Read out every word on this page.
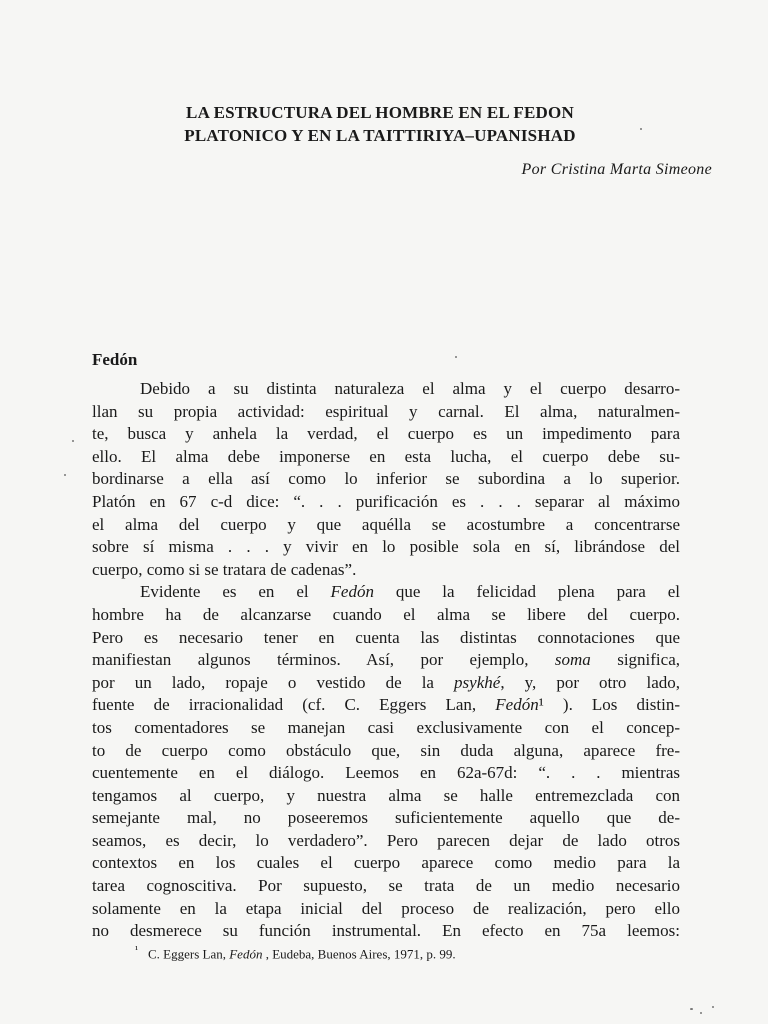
LA ESTRUCTURA DEL HOMBRE EN EL FEDON
PLATONICO Y EN LA TAITTIRIYA–UPANISHAD
Por Cristina Marta Simeone
Fedón
Debido a su distinta naturaleza el alma y el cuerpo desarro-
llan su propia actividad: espiritual y carnal. El alma, naturalmen-
te, busca y anhela la verdad, el cuerpo es un impedimento para
ello. El alma debe imponerse en esta lucha, el cuerpo debe su-
bordinarse a ella así como lo inferior se subordina a lo superior.
Platón en 67 c-d dice: “. . . purificación es . . . separar al máximo
el alma del cuerpo y que aquélla se acostumbre a concentrarse
sobre sí misma . . . y vivir en lo posible sola en sí, librándose del
cuerpo, como si se tratara de cadenas”.
Evidente es en el Fedón que la felicidad plena para el
hombre ha de alcanzarse cuando el alma se libere del cuerpo.
Pero es necesario tener en cuenta las distintas connotaciones que
manifiestan algunos términos. Así, por ejemplo, soma significa,
por un lado, ropaje o vestido de la psykhé, y, por otro lado,
fuente de irracionalidad (cf. C. Eggers Lan, Fedón¹ ). Los distin-
tos comentadores se manejan casi exclusivamente con el concep-
to de cuerpo como obstáculo que, sin duda alguna, aparece fre-
cuentemente en el diálogo. Leemos en 62a-67d: “. . . mientras
tengamos al cuerpo, y nuestra alma se halle entremezclada con
semejante mal, no poseeremos suficientemente aquello que de-
seamos, es decir, lo verdadero”. Pero parecen dejar de lado otros
contextos en los cuales el cuerpo aparece como medio para la
tarea cognoscitiva. Por supuesto, se trata de un medio necesario
solamente en la etapa inicial del proceso de realización, pero ello
no desmerece su función instrumental. En efecto en 75a leemos:
$^{^1}$ C. Eggers Lan, Fedón , Eudeba, Buenos Aires, 1971, p. 99.
